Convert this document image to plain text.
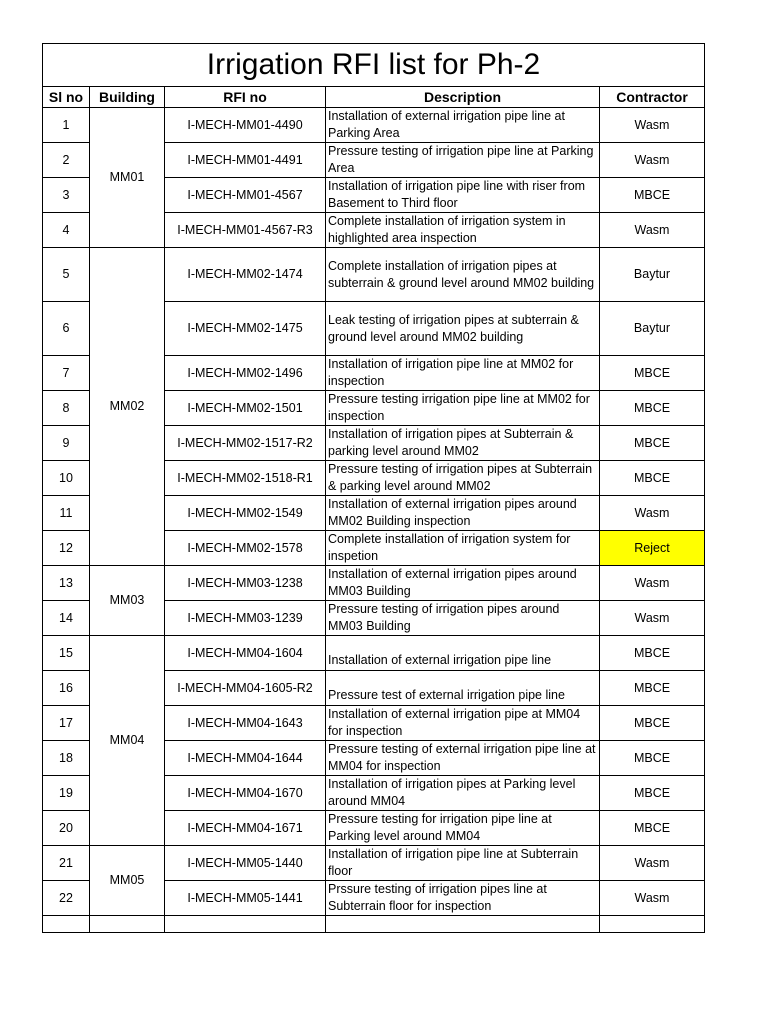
Irrigation RFI list for Ph-2				
Sl no	Building	RFI no	Description	Contractor
1	MM01	I-MECH-MM01-4490	Installation of external irrigation pipe line at Parking Area	Wasm
2		I-MECH-MM01-4491	Pressure testing of irrigation pipe line at Parking Area	Wasm
3		I-MECH-MM01-4567	Installation of irrigation pipe line with riser from Basement to Third floor	MBCE
4		I-MECH-MM01-4567-R3	Complete installation of irrigation system in highlighted area inspection	Wasm
5	MM02	I-MECH-MM02-1474	Complete installation of irrigation pipes at subterrain & ground level around MM02 building	Baytur
6		I-MECH-MM02-1475	Leak testing of irrigation pipes at subterrain & ground level around MM02 building	Baytur
7		I-MECH-MM02-1496	Installation of irrigation pipe line at MM02 for inspection	MBCE
8		I-MECH-MM02-1501	Pressure testing irrigation pipe line at MM02 for inspection	MBCE
9		I-MECH-MM02-1517-R2	Installation of irrigation pipes at Subterrain & parking level around MM02	MBCE
10		I-MECH-MM02-1518-R1	Pressure testing of irrigation pipes at Subterrain & parking level around MM02	MBCE
11		I-MECH-MM02-1549	Installation of external irrigation pipes around MM02 Building inspection	Wasm
12		I-MECH-MM02-1578	Complete installation of irrigation system for inspetion	Reject
13	MM03	I-MECH-MM03-1238	Installation of external irrigation pipes around MM03 Building	Wasm
14		I-MECH-MM03-1239	Pressure testing of irrigation pipes around MM03 Building	Wasm
15	MM04	I-MECH-MM04-1604	Installation of external irrigation pipe line	MBCE
16		I-MECH-MM04-1605-R2	Pressure test of external irrigation pipe line	MBCE
17		I-MECH-MM04-1643	Installation of external irrigation pipe at MM04 for inspection	MBCE
18		I-MECH-MM04-1644	Pressure testing of external irrigation pipe line at MM04 for inspection	MBCE
19		I-MECH-MM04-1670	Installation of irrigation pipes at Parking level around MM04	MBCE
20		I-MECH-MM04-1671	Pressure testing for irrigation pipe line at Parking level around MM04	MBCE
21	MM05	I-MECH-MM05-1440	Installation of irrigation pipe line at Subterrain floor	Wasm
22		I-MECH-MM05-1441	Prssure testing of irrigation pipes line at Subterrain floor for inspection	Wasm
